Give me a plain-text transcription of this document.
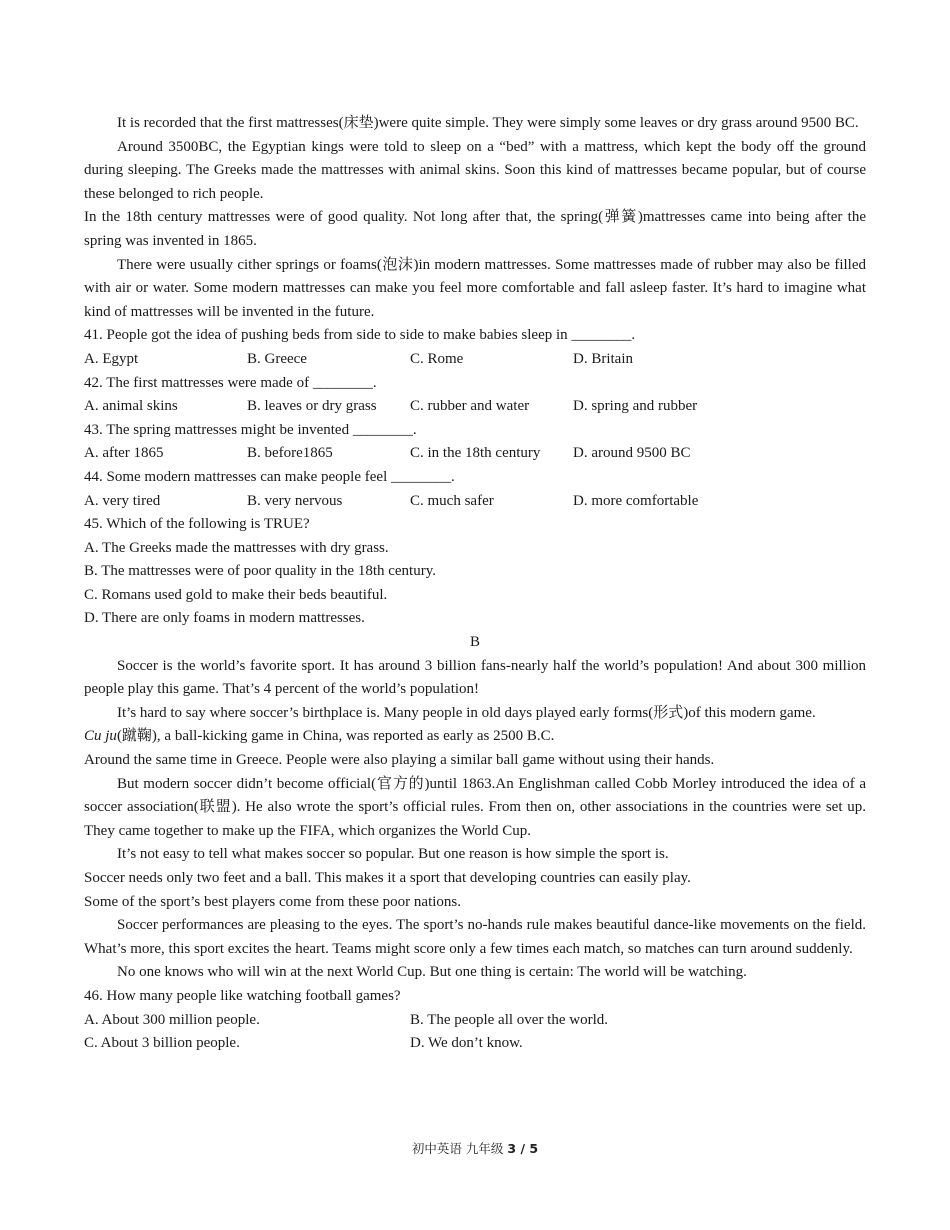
It is recorded that the first mattresses(床垫)were quite simple. They were simply some leaves or dry grass around 9500 BC.

Around 3500BC, the Egyptian kings were told to sleep on a “bed” with a mattress, which kept the body off the ground during sleeping. The Greeks made the mattresses with animal skins. Soon this kind of mattresses became popular, but of course these belonged to rich people.

In the 18th century mattresses were of good quality. Not long after that, the spring(弹簧)mattresses came into being after the spring was invented in 1865.

There were usually cither springs or foams(泡沫)in modern mattresses. Some mattresses made of rubber may also be filled with air or water. Some modern mattresses can make you feel more comfortable and fall asleep faster. It’s hard to imagine what kind of mattresses will be invented in the future.

41. People got the idea of pushing beds from side to side to make babies sleep in ________.

A. Egypt	B. Greece	C. Rome	D. Britain

42. The first mattresses were made of ________.

A. animal skins	B. leaves or dry grass	C. rubber and water	D. spring and rubber

43. The spring mattresses might be invented ________.

A. after 1865	B. before1865	C. in the 18th century	D. around 9500 BC

44. Some modern mattresses can make people feel ________.

A. very tired	B. very nervous	C. much safer	D. more comfortable

45. Which of the following is TRUE?

A. The Greeks made the mattresses with dry grass.

B. The mattresses were of poor quality in the 18th century.

C. Romans used gold to make their beds beautiful.

D. There are only foams in modern mattresses.

B

Soccer is the world’s favorite sport. It has around 3 billion fans-nearly half the world’s population! And about 300 million people play this game. That’s 4 percent of the world’s population!

It’s hard to say where soccer’s birthplace is. Many people in old days played early forms(形式)of this modern game.

Cu ju(蹴鞠), a ball-kicking game in China, was reported as early as 2500 B.C.

Around the same time in Greece. People were also playing a similar ball game without using their hands.

But modern soccer didn’t become official(官方的)until 1863.An Englishman called Cobb Morley introduced the idea of a soccer association(联盟). He also wrote the sport’s official rules. From then on, other associations in the countries were set up. They came together to make up the FIFA, which organizes the World Cup.

It’s not easy to tell what makes soccer so popular. But one reason is how simple the sport is.

Soccer needs only two feet and a ball. This makes it a sport that developing countries can easily play.

Some of the sport’s best players come from these poor nations.

Soccer performances are pleasing to the eyes. The sport’s no-hands rule makes beautiful dance-like movements on the field. What’s more, this sport excites the heart. Teams might score only a few times each match, so matches can turn around suddenly.

No one knows who will win at the next World Cup. But one thing is certain: The world will be watching.

46. How many people like watching football games?

A. About 300 million people.	B. The people all over the world.
C. About 3 billion people.	D. We don’t know.
初中英语 九年级 3 / 5
